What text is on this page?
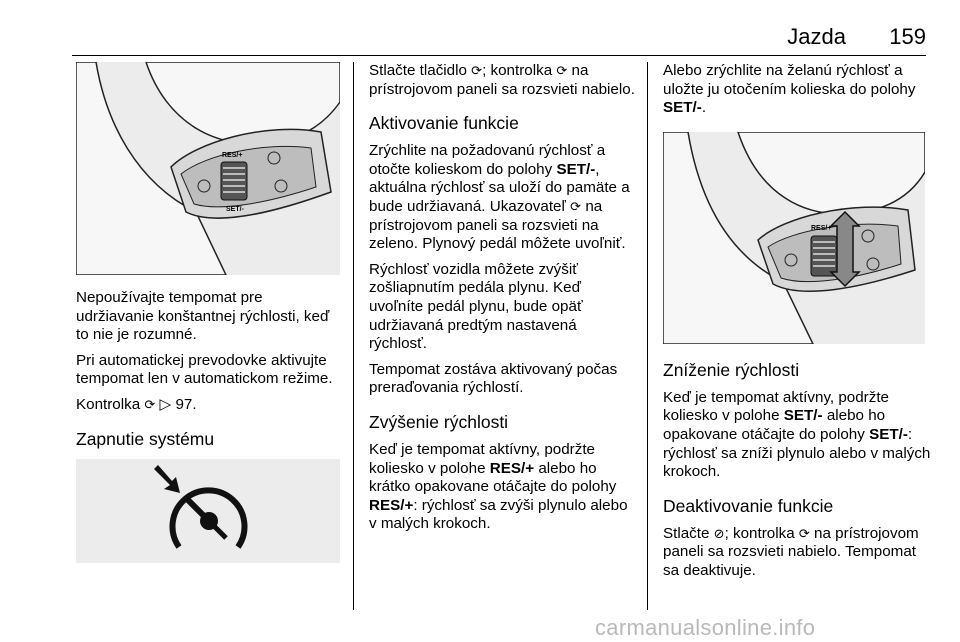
Jazda 159
RES/+
SET/-

Nepoužívajte tempomat pre udržiavanie konštantnej rýchlosti, keď to nie je rozumné.

Pri automatickej prevodovke aktivujte tempomat len v automatickom režime.

Kontrolka ⟳ ▷ 97.

Zapnutie systému

Stlačte tlačidlo ⟳; kontrolka ⟳ na prístrojovom paneli sa rozsvieti nabielo.

Aktivovanie funkcie

Zrýchlite na požadovanú rýchlosť a otočte kolieskom do polohy SET/-, aktuálna rýchlosť sa uloží do pamäte a bude udržiavaná. Ukazovateľ ⟳ na prístrojovom paneli sa rozsvieti na zeleno. Plynový pedál môžete uvoľniť.

Rýchlosť vozidla môžete zvýšiť zošliapnutím pedála plynu. Keď uvoľníte pedál plynu, bude opäť udržiavaná predtým nastavená rýchlosť.

Tempomat zostáva aktivovaný počas preraďovania rýchlostí.

Zvýšenie rýchlosti

Keď je tempomat aktívny, podržte koliesko v polohe RES/+ alebo ho krátko opakovane otáčajte do polohy RES/+: rýchlosť sa zvýši plynulo alebo v malých krokoch.

Alebo zrýchlite na želanú rýchlosť a uložte ju otočením kolieska do polohy SET/-.

RES/+
Zníženie rýchlosti

Keď je tempomat aktívny, podržte koliesko v polohe SET/- alebo ho opakovane otáčajte do polohy SET/-: rýchlosť sa zníži plynulo alebo v malých krokoch.

Deaktivovanie funkcie

Stlačte ⊘; kontrolka ⟳ na prístrojovom paneli sa rozsvieti nabielo. Tempomat sa deaktivuje.

carmanualsonline.info
